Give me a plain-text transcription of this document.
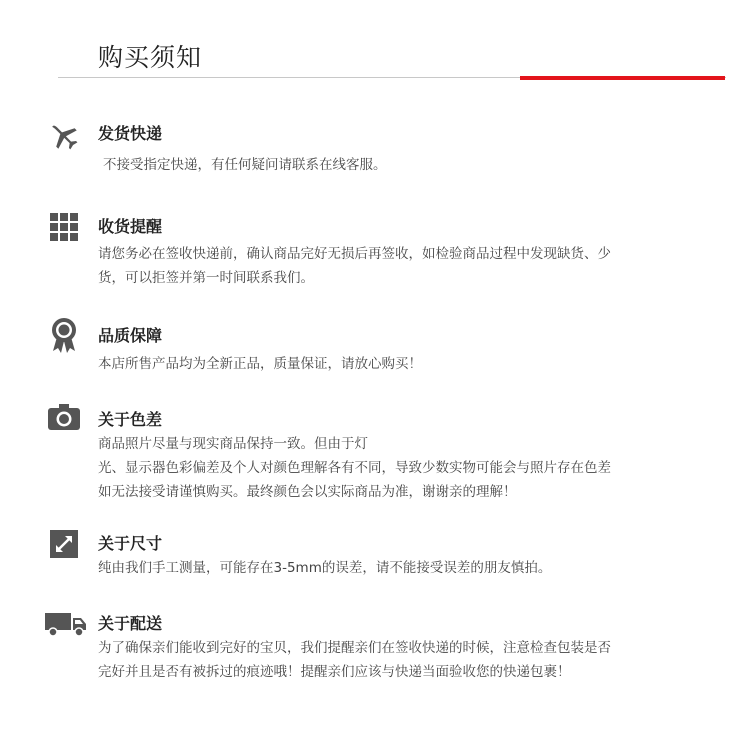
购买须知
发货快递
不接受指定快递，有任何疑问请联系在线客服。
收货提醒
请您务必在签收快递前，确认商品完好无损后再签收，如检验商品过程中发现缺货、少
货，可以拒签并第一时间联系我们。
品质保障
本店所售产品均为全新正品，质量保证，请放心购买！
关于色差
商品照片尽量与现实商品保持一致。但由于灯
光、显示器色彩偏差及个人对颜色理解各有不同，导致少数实物可能会与照片存在色差
如无法接受请谨慎购买。最终颜色会以实际商品为准，谢谢亲的理解！
关于尺寸
纯由我们手工测量，可能存在3-5mm的误差，请不能接受误差的朋友慎拍。
关于配送
为了确保亲们能收到完好的宝贝，我们提醒亲们在签收快递的时候，注意检查包装是否
完好并且是否有被拆过的痕迹哦！提醒亲们应该与快递当面验收您的快递包裹！
